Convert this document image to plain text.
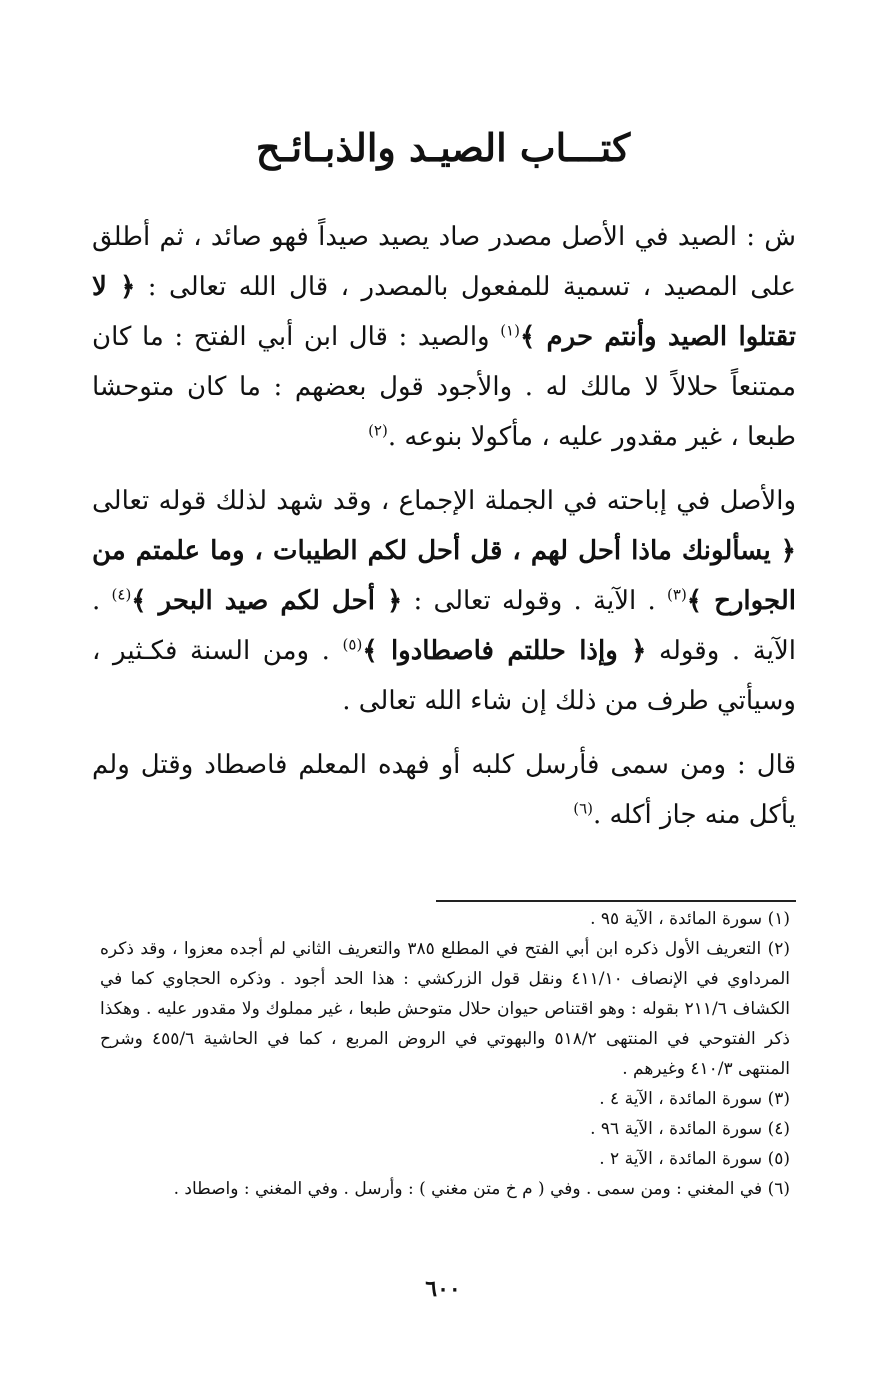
كتـــاب الصيـد والذبـائـح

ش : الصيد في الأصل مصدر صاد يصيد صيداً فهو صائد ، ثم أطلق على المصيد ، تسمية للمفعول بالمصدر ، قال الله تعالى : ﴿ لا تقتلوا الصيد وأنتم حرم ﴾$^{(١)}$ والصيد : قال ابن أبي الفتح : ما كان ممتنعاً حلالاً لا مالك له . والأجود قول بعضهم : ما كان متوحشا طبعا ، غير مقدور عليه ، مأكولا بنوعه .$^{(٢)}$

والأصل في إباحته في الجملة الإجماع ، وقد شهد لذلك قوله تعالى ﴿ يسألونك ماذا أحل لهم ، قل أحل لكم الطيبات ، وما علمتم من الجوارح ﴾$^{(٣)}$ . الآية . وقوله تعالى : ﴿ أحل لكم صيد البحر ﴾$^{(٤)}$ . الآية . وقوله ﴿ وإذا حللتم فاصطادوا ﴾$^{(٥)}$ . ومن السنة فكـثير ، وسيأتي طرف من ذلك إن شاء الله تعالى .

قال : ومن سمى فأرسل كلبه أو فهده المعلم فاصطاد وقتل ولم يأكل منه جاز أكله .$^{(٦)}$

(١) سورة المائدة ، الآية ٩٥ .

(٢) التعريف الأول ذكره ابن أبي الفتح في المطلع ٣٨٥ والتعريف الثاني لم أجده معزوا ، وقد ذكره المرداوي في الإنصاف ٤١١/١٠ ونقل قول الزركشي : هذا الحد أجود . وذكره الحجاوي كما في الكشاف ٢١١/٦ بقوله : وهو اقتناص حيوان حلال متوحش طبعا ، غير مملوك ولا مقدور عليه . وهكذا ذكر الفتوحي في المنتهى ٥١٨/٢ والبهوتي في الروض المربع ، كما في الحاشية ٤٥٥/٦ وشرح المنتهى ٤١٠/٣ وغيرهم .

(٣) سورة المائدة ، الآية ٤ .

(٤) سورة المائدة ، الآية ٩٦ .

(٥) سورة المائدة ، الآية ٢ .

(٦) في المغني : ومن سمى . وفي ( م خ متن مغني ) : وأرسل . وفي المغني : واصطاد .

٦٠٠
